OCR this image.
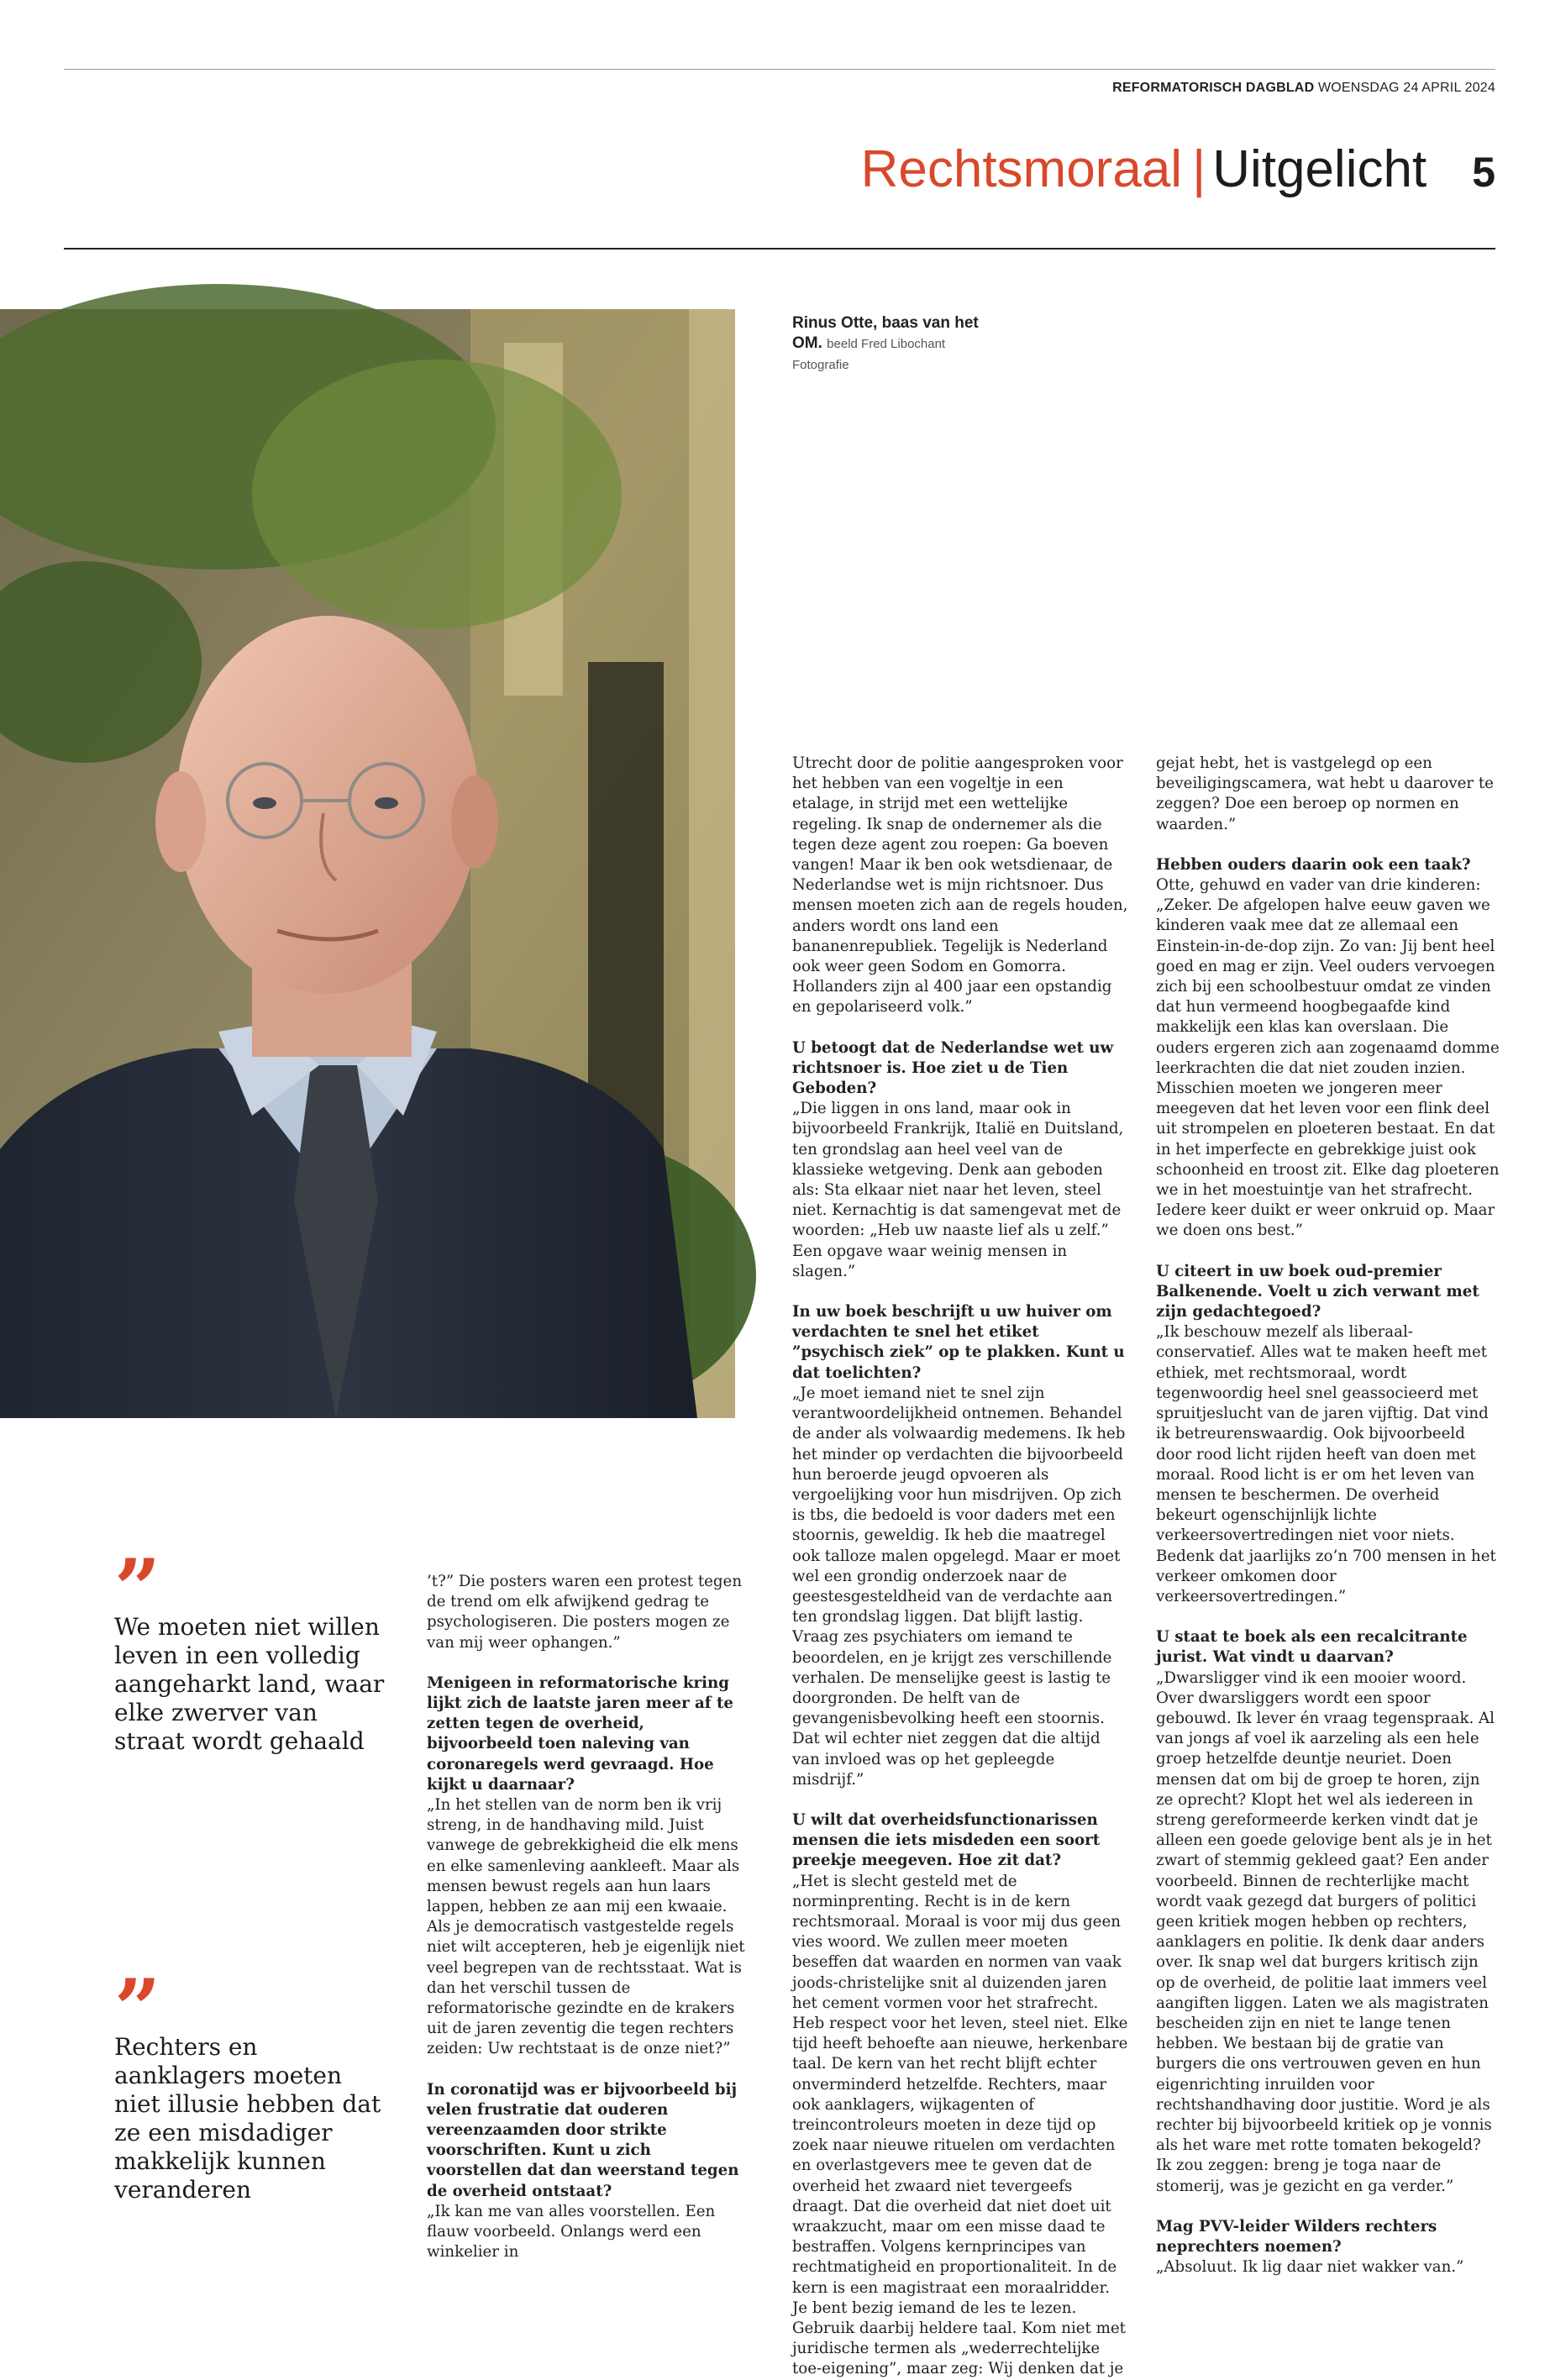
REFORMATORISCH DAGBLAD WOENSDAG 24 APRIL 2024
Rechtsmoraal | Uitgelicht 5
Rinus Otte, baas van het OM. beeld Fred Libochant Fotografie
”
We moeten niet willen leven in een volledig aangeharkt land, waar elke zwerver van straat wordt gehaald
”
Rechters en aanklagers moeten niet illusie hebben dat ze een misdadiger makkelijk kunnen veranderen

’t?” Die posters waren een protest tegen de trend om elk afwijkend gedrag te psychologiseren. Die posters mogen ze van mij weer ophangen.”

Menigeen in reformatorische kring lijkt zich de laatste jaren meer af te zetten tegen de overheid, bijvoorbeeld toen naleving van coronaregels werd gevraagd. Hoe kijkt u daarnaar?

„In het stellen van de norm ben ik vrij streng, in de handhaving mild. Juist vanwege de gebrekkigheid die elk mens en elke samenleving aankleeft. Maar als mensen bewust regels aan hun laars lappen, hebben ze aan mij een kwaaie. Als je democratisch vastgestelde regels niet wilt accepteren, heb je eigenlijk niet veel begrepen van de rechtsstaat. Wat is dan het verschil tussen de reformatorische gezindte en de krakers uit de jaren zeventig die tegen rechters zeiden: Uw rechtstaat is de onze niet?”

In coronatijd was er bijvoorbeeld bij velen frustratie dat ouderen vereenzaamden door strikte voorschriften. Kunt u zich voorstellen dat dan weerstand tegen de overheid ontstaat?

„Ik kan me van alles voorstellen. Een flauw voorbeeld. Onlangs werd een winkelier in

Utrecht door de politie aangesproken voor het hebben van een vogeltje in een etalage, in strijd met een wettelijke regeling. Ik snap de ondernemer als die tegen deze agent zou roepen: Ga boeven vangen! Maar ik ben ook wetsdienaar, de Nederlandse wet is mijn richtsnoer. Dus mensen moeten zich aan de regels houden, anders wordt ons land een bananenrepubliek. Tegelijk is Nederland ook weer geen Sodom en Gomorra. Hollanders zijn al 400 jaar een opstandig en gepolariseerd volk.”

U betoogt dat de Nederlandse wet uw richtsnoer is. Hoe ziet u de Tien Geboden?

„Die liggen in ons land, maar ook in bijvoorbeeld Frankrijk, Italië en Duitsland, ten grondslag aan heel veel van de klassieke wetgeving. Denk aan geboden als: Sta elkaar niet naar het leven, steel niet. Kernachtig is dat samengevat met de woorden: „Heb uw naaste lief als u zelf.” Een opgave waar weinig mensen in slagen.”

In uw boek beschrijft u uw huiver om verdachten te snel het etiket ”psychisch ziek” op te plakken. Kunt u dat toelichten?

„Je moet iemand niet te snel zijn verantwoordelijkheid ontnemen. Behandel de ander als volwaardig medemens. Ik heb het minder op verdachten die bijvoorbeeld hun beroerde jeugd opvoeren als vergoelijking voor hun misdrijven. Op zich is tbs, die bedoeld is voor daders met een stoornis, geweldig. Ik heb die maatregel ook talloze malen opgelegd. Maar er moet wel een grondig onderzoek naar de geestesgesteldheid van de verdachte aan ten grondslag liggen. Dat blijft lastig. Vraag zes psychiaters om iemand te beoordelen, en je krijgt zes verschillende verhalen. De menselijke geest is lastig te doorgronden. De helft van de gevangenisbevolking heeft een stoornis. Dat wil echter niet zeggen dat die altijd van invloed was op het gepleegde misdrijf.”

U wilt dat overheidsfunctionarissen mensen die iets misdeden een soort preekje meegeven. Hoe zit dat?

„Het is slecht gesteld met de norminprenting. Recht is in de kern rechtsmoraal. Moraal is voor mij dus geen vies woord. We zullen meer moeten beseffen dat waarden en normen van vaak joods-christelijke snit al duizenden jaren het cement vormen voor het strafrecht. Heb respect voor het leven, steel niet. Elke tijd heeft behoefte aan nieuwe, herkenbare taal. De kern van het recht blijft echter onverminderd hetzelfde. Rechters, maar ook aanklagers, wijkagenten of treincontroleurs moeten in deze tijd op zoek naar nieuwe rituelen om verdachten en overlastgevers mee te geven dat de overheid het zwaard niet tevergeefs draagt. Dat die overheid dat niet doet uit wraakzucht, maar om een misse daad te bestraffen. Volgens kernprincipes van rechtmatigheid en proportionaliteit. In de kern is een magistraat een moraalridder. Je bent bezig iemand de les te lezen. Gebruik daarbij heldere taal. Kom niet met juridische termen als „wederrechtelijke toe-eigening”, maar zeg: Wij denken dat je

gejat hebt, het is vastgelegd op een beveiligingscamera, wat hebt u daarover te zeggen? Doe een beroep op normen en waarden.”

Hebben ouders daarin ook een taak?

Otte, gehuwd en vader van drie kinderen: „Zeker. De afgelopen halve eeuw gaven we kinderen vaak mee dat ze allemaal een Einstein-in-de-dop zijn. Zo van: Jij bent heel goed en mag er zijn. Veel ouders vervoegen zich bij een schoolbestuur omdat ze vinden dat hun vermeend hoogbegaafde kind makkelijk een klas kan overslaan. Die ouders ergeren zich aan zogenaamd domme leerkrachten die dat niet zouden inzien. Misschien moeten we jongeren meer meegeven dat het leven voor een flink deel uit strompelen en ploeteren bestaat. En dat in het imperfecte en gebrekkige juist ook schoonheid en troost zit. Elke dag ploeteren we in het moestuintje van het strafrecht. Iedere keer duikt er weer onkruid op. Maar we doen ons best.”

U citeert in uw boek oud-premier Balkenende. Voelt u zich verwant met zijn gedachtegoed?

„Ik beschouw mezelf als liberaal-conservatief. Alles wat te maken heeft met ethiek, met rechtsmoraal, wordt tegenwoordig heel snel geassocieerd met spruitjeslucht van de jaren vijftig. Dat vind ik betreurenswaardig. Ook bijvoorbeeld door rood licht rijden heeft van doen met moraal. Rood licht is er om het leven van mensen te beschermen. De overheid bekeurt ogenschijnlijk lichte verkeersovertredingen niet voor niets. Bedenk dat jaarlijks zo’n 700 mensen in het verkeer omkomen door verkeersovertredingen.”

U staat te boek als een recalcitrante jurist. Wat vindt u daarvan?

„Dwarsligger vind ik een mooier woord. Over dwarsliggers wordt een spoor gebouwd. Ik lever én vraag tegenspraak. Al van jongs af voel ik aarzeling als een hele groep hetzelfde deuntje neuriet. Doen mensen dat om bij de groep te horen, zijn ze oprecht? Klopt het wel als iedereen in streng gereformeerde kerken vindt dat je alleen een goede gelovige bent als je in het zwart of stemmig gekleed gaat? Een ander voorbeeld. Binnen de rechterlijke macht wordt vaak gezegd dat burgers of politici geen kritiek mogen hebben op rechters, aanklagers en politie. Ik denk daar anders over. Ik snap wel dat burgers kritisch zijn op de overheid, de politie laat immers veel aangiften liggen. Laten we als magistraten bescheiden zijn en niet te lange tenen hebben. We bestaan bij de gratie van burgers die ons vertrouwen geven en hun eigenrichting inruilden voor rechtshandhaving door justitie. Word je als rechter bij bijvoorbeeld kritiek op je vonnis als het ware met rotte tomaten bekogeld? Ik zou zeggen: breng je toga naar de stomerij, was je gezicht en ga verder.”

Mag PVV-leider Wilders rechters neprechters noemen?

„Absoluut. Ik lig daar niet wakker van.”
